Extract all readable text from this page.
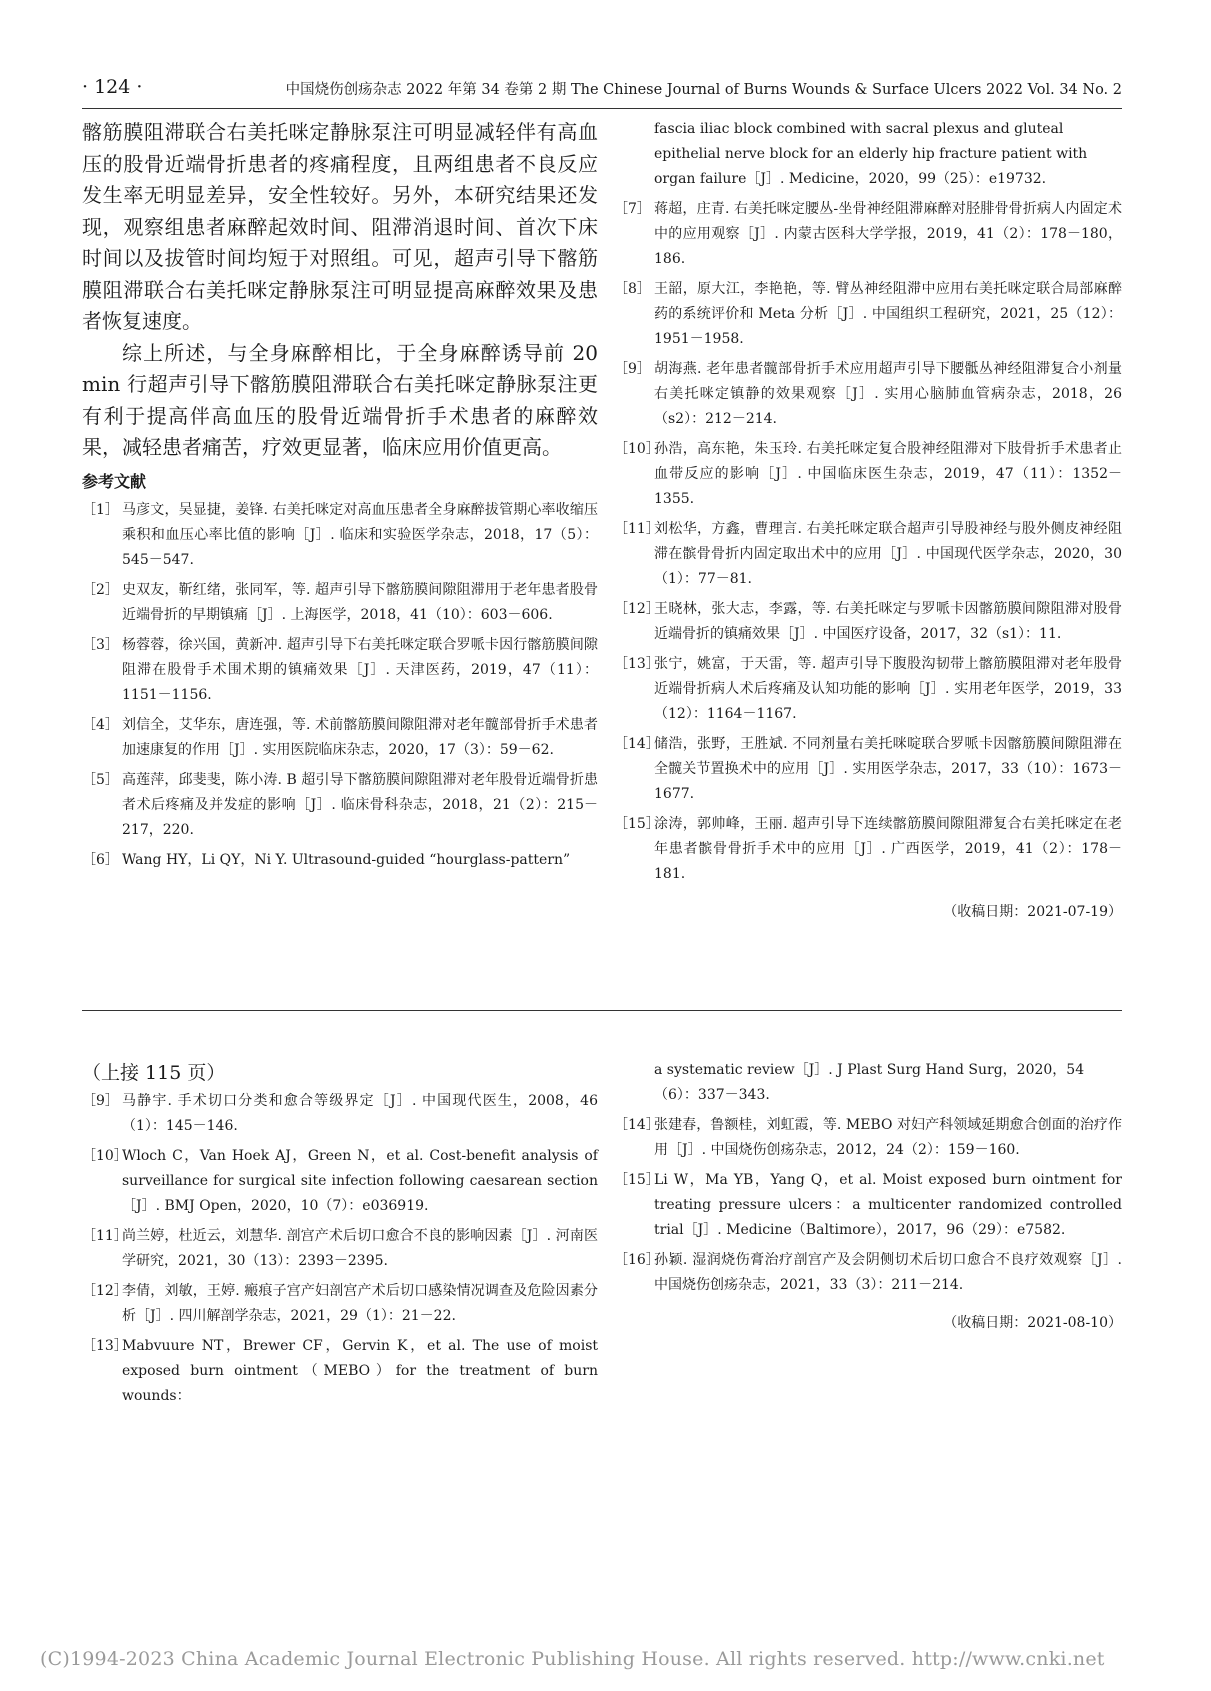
· 124 ·	中国烧伤创疡杂志 2022 年第 34 卷第 2 期 The Chinese Journal of Burns Wounds & Surface Ulcers 2022 Vol. 34 No. 2

髂筋膜阻滞联合右美托咪定静脉泵注可明显减轻伴有高血压的股骨近端骨折患者的疼痛程度，且两组患者不良反应发生率无明显差异，安全性较好。另外，本研究结果还发现，观察组患者麻醉起效时间、阻滞消退时间、首次下床时间以及拔管时间均短于对照组。可见，超声引导下髂筋膜阻滞联合右美托咪定静脉泵注可明显提高麻醉效果及患者恢复速度。

综上所述，与全身麻醉相比，于全身麻醉诱导前 20 min 行超声引导下髂筋膜阻滞联合右美托咪定静脉泵注更有利于提高伴高血压的股骨近端骨折手术患者的麻醉效果，减轻患者痛苦，疗效更显著，临床应用价值更高。

参考文献
［1］ 马彦文，吴显捷，姜锋. 右美托咪定对高血压患者全身麻醉拔管期心率收缩压乘积和血压心率比值的影响［J］. 临床和实验医学杂志，2018，17（5）：545－547.
［2］ 史双友，靳红绪，张同军，等. 超声引导下髂筋膜间隙阻滞用于老年患者股骨近端骨折的早期镇痛［J］. 上海医学，2018，41（10）：603－606.
［3］ 杨蓉蓉，徐兴国，黄新冲. 超声引导下右美托咪定联合罗哌卡因行髂筋膜间隙阻滞在股骨手术围术期的镇痛效果［J］. 天津医药，2019，47（11）：1151－1156.
［4］ 刘信全，艾华东，唐连强，等. 术前髂筋膜间隙阻滞对老年髋部骨折手术患者加速康复的作用［J］. 实用医院临床杂志，2020，17（3）：59－62.
［5］ 高莲萍，邱斐斐，陈小涛. B 超引导下髂筋膜间隙阻滞对老年股骨近端骨折患者术后疼痛及并发症的影响［J］. 临床骨科杂志，2018，21（2）：215－217，220.
［6］ Wang HY，Li QY，Ni Y. Ultrasound-guided “hourglass-pattern”
fascia iliac block combined with sacral plexus and gluteal epithelial nerve block for an elderly hip fracture patient with organ failure［J］. Medicine，2020，99（25）：e19732.
［7］ 蒋超，庄青. 右美托咪定腰丛-坐骨神经阻滞麻醉对胫腓骨骨折病人内固定术中的应用观察［J］. 内蒙古医科大学学报，2019，41（2）：178－180，186.
［8］ 王韶，原大江，李艳艳，等. 臂丛神经阻滞中应用右美托咪定联合局部麻醉药的系统评价和 Meta 分析［J］. 中国组织工程研究，2021，25（12）：1951－1958.
［9］ 胡海燕. 老年患者髋部骨折手术应用超声引导下腰骶丛神经阻滞复合小剂量右美托咪定镇静的效果观察［J］. 实用心脑肺血管病杂志，2018，26（s2）：212－214.
［10］
孙浩，高东艳，朱玉玲. 右美托咪定复合股神经阻滞对下肢骨折手术患者止血带反应的影响［J］. 中国临床医生杂志，2019，47（11）：1352－1355.
［11］
刘松华，方鑫，曹理言. 右美托咪定联合超声引导股神经与股外侧皮神经阻滞在髌骨骨折内固定取出术中的应用［J］. 中国现代医学杂志，2020，30（1）：77－81.
［12］
王晓林，张大志，李露，等. 右美托咪定与罗哌卡因髂筋膜间隙阻滞对股骨近端骨折的镇痛效果［J］. 中国医疗设备，2017，32（s1）：11.
［13］
张宁，姚富，于天雷，等. 超声引导下腹股沟韧带上髂筋膜阻滞对老年股骨近端骨折病人术后疼痛及认知功能的影响［J］. 实用老年医学，2019，33（12）：1164－1167.
［14］
储浩，张野，王胜斌. 不同剂量右美托咪啶联合罗哌卡因髂筋膜间隙阻滞在全髋关节置换术中的应用［J］. 实用医学杂志，2017，33（10）：1673－1677.
［15］
涂涛，郭帅峰，王丽. 超声引导下连续髂筋膜间隙阻滞复合右美托咪定在老年患者髌骨骨折手术中的应用［J］. 广西医学，2019，41（2）：178－181.
（收稿日期：2021-07-19）
（上接 115 页）
［9］ 马静宇. 手术切口分类和愈合等级界定［J］. 中国现代医生，2008，46（1）：145－146.
［10］
Wloch C，Van Hoek AJ，Green N，et al. Cost-benefit analysis of surveillance for surgical site infection following caesarean section［J］. BMJ Open，2020，10（7）：e036919.
［11］
尚兰婷，杜近云，刘慧华. 剖宫产术后切口愈合不良的影响因素［J］. 河南医学研究，2021，30（13）：2393－2395.
［12］
李倩，刘敏，王婷. 瘢痕子宫产妇剖宫产术后切口感染情况调查及危险因素分析［J］. 四川解剖学杂志，2021，29（1）：21－22.
［13］
Mabvuure NT，Brewer CF，Gervin K，et al. The use of moist exposed burn ointment（MEBO）for the treatment of burn wounds：
a systematic review［J］. J Plast Surg Hand Surg，2020，54（6）：337－343.
［14］
张建春，鲁额桂，刘虹霞，等. MEBO 对妇产科领域延期愈合创面的治疗作用［J］. 中国烧伤创疡杂志，2012，24（2）：159－160.
［15］
Li W，Ma YB，Yang Q，et al. Moist exposed burn ointment for treating pressure ulcers：a multicenter randomized controlled trial［J］. Medicine（Baltimore），2017，96（29）：e7582.
［16］
孙颖. 湿润烧伤膏治疗剖宫产及会阴侧切术后切口愈合不良疗效观察［J］. 中国烧伤创疡杂志，2021，33（3）：211－214.
（收稿日期：2021-08-10）
(C)1994-2023 China Academic Journal Electronic Publishing House. All rights reserved. http://www.cnki.net
